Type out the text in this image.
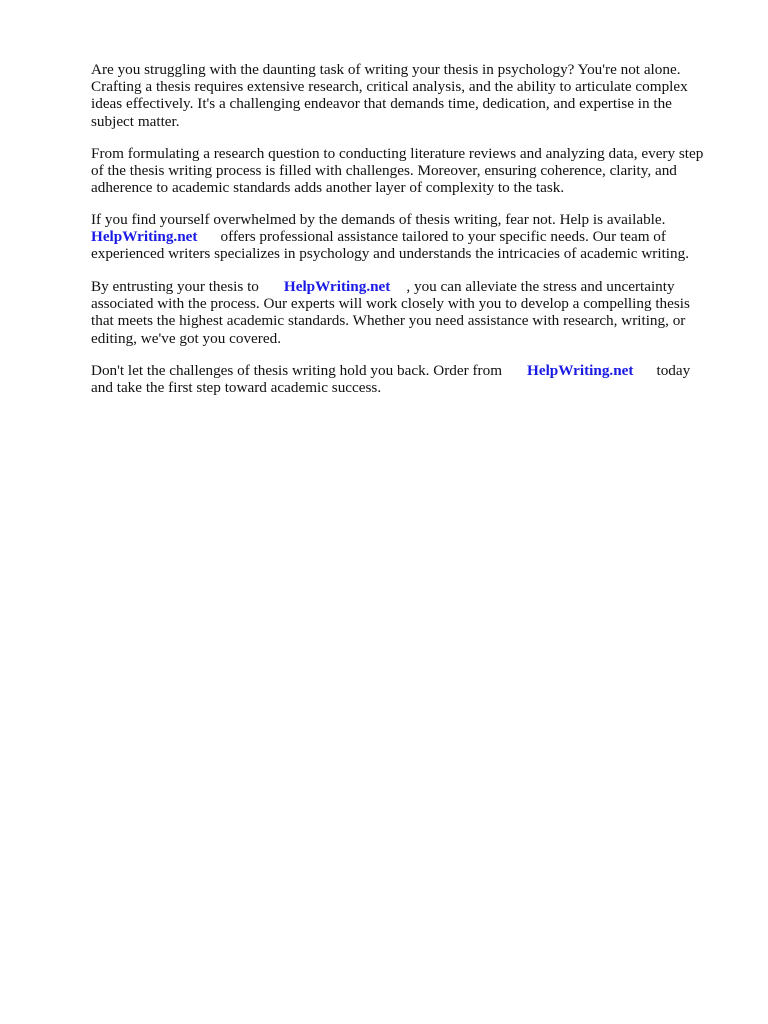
Are you struggling with the daunting task of writing your thesis in psychology? You're not alone.
Crafting a thesis requires extensive research, critical analysis, and the ability to articulate complex
ideas effectively. It's a challenging endeavor that demands time, dedication, and expertise in the
subject matter.

From formulating a research question to conducting literature reviews and analyzing data, every step
of the thesis writing process is filled with challenges. Moreover, ensuring coherence, clarity, and
adherence to academic standards adds another layer of complexity to the task.

If you find yourself overwhelmed by the demands of thesis writing, fear not. Help is available.
HelpWriting.net offers professional assistance tailored to your specific needs. Our team of
experienced writers specializes in psychology and understands the intricacies of academic writing.

By entrusting your thesis to HelpWriting.net , you can alleviate the stress and uncertainty
associated with the process. Our experts will work closely with you to develop a compelling thesis
that meets the highest academic standards. Whether you need assistance with research, writing, or
editing, we've got you covered.

Don't let the challenges of thesis writing hold you back. Order from HelpWriting.net today
and take the first step toward academic success.
